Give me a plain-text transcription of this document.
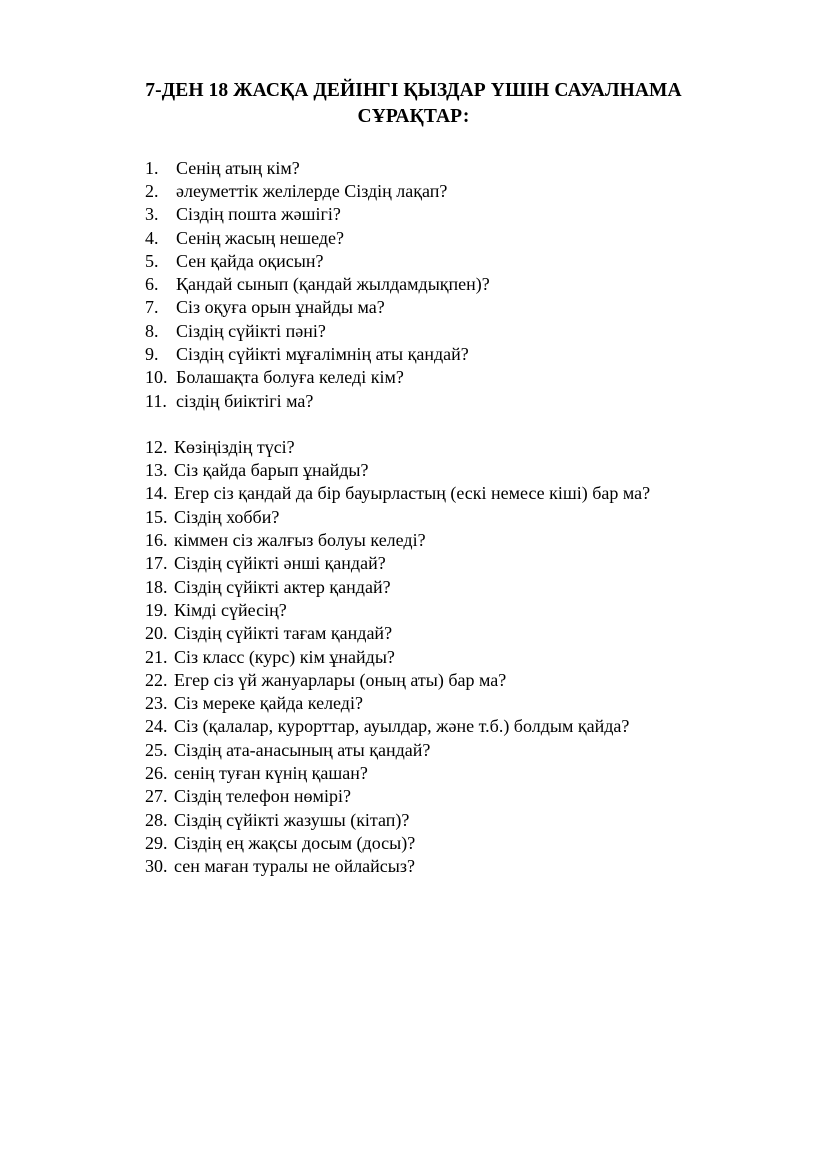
7-ДЕН 18 ЖАСҚА ДЕЙІНГІ ҚЫЗДАР ҮШІН САУАЛНАМА
СҰРАҚТАР:
1. Сенің атың кім?
2. әлеуметтік желілерде Сіздің лақап?
3. Сіздің пошта жәшігі?
4. Сенің жасың нешеде?
5. Сен қайда оқисын?
6. Қандай сынып (қандай жылдамдықпен)?
7. Сіз оқуға орын ұнайды ма?
8. Сіздің сүйікті пәні?
9. Сіздің сүйікті мұғалімнің аты қандай?
10. Болашақта болуға келеді кім?
11. сіздің биіктігі ма?
12. Көзіңіздің түсі?
13. Сіз қайда барып ұнайды?
14. Егер сіз қандай да бір бауырластың (ескі немесе кіші) бар ма?
15. Сіздің хобби?
16. кіммен сіз жалғыз болуы келеді?
17. Сіздің сүйікті әнші қандай?
18. Сіздің сүйікті актер қандай?
19. Кімді сүйесің?
20. Сіздің сүйікті тағам қандай?
21. Сіз класс (курс) кім ұнайды?
22. Егер сіз үй жануарлары (оның аты) бар ма?
23. Сіз мереке қайда келеді?
24. Сіз (қалалар, курорттар, ауылдар, және т.б.) болдым қайда?
25. Сіздің ата-анасының аты қандай?
26. сенің туған күнің қашан?
27. Сіздің телефон нөмірі?
28. Сіздің сүйікті жазушы (кітап)?
29. Сіздің ең жақсы досым (досы)?
30. сен маған туралы не ойлайсыз?
